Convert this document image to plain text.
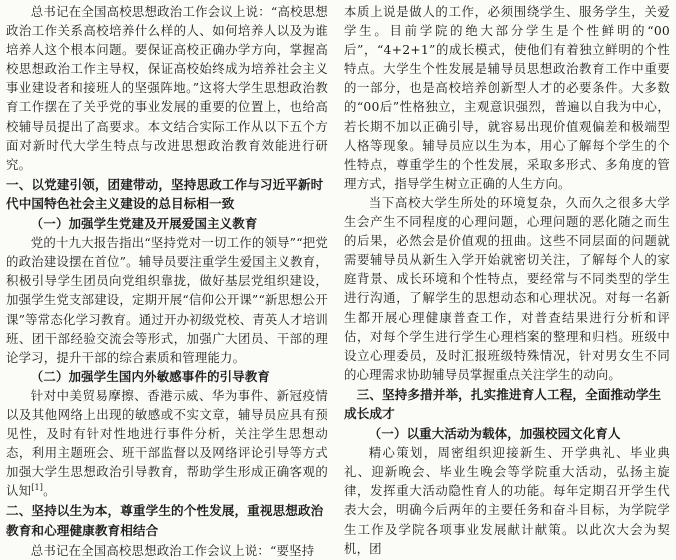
总书记在全国高校思想政治工作会议上说：“高校思想政治工作关系高校培养什么样的人、如何培养人以及为谁培养人这个根本问题。要保证高校正确办学方向，掌握高校思想政治工作主导权，保证高校始终成为培养社会主义事业建设者和接班人的坚强阵地。”这将大学生思想政治教育工作摆在了关乎党的事业发展的重要的位置上，也给高校辅导员提出了高要求。本文结合实际工作从以下五个方面对新时代大学生特点与改进思想政治教育效能进行研究。

一、以党建引领，团建带动，坚持思政工作与习近平新时代中国特色社会主义建设的总目标相一致
（一）加强学生党建及开展爱国主义教育

党的十九大报告指出“坚持党对一切工作的领导”“把党的政治建设摆在首位”。辅导员要注重学生爱国主义教育，积极引导学生团员向党组织靠拢，做好基层党组织建设，加强学生党支部建设，定期开展“信仰公开课”“新思想公开课”等常态化学习教育。通过开办初级党校、青英人才培训班、团干部经验交流会等形式，加强广大团员、干部的理论学习，提升干部的综合素质和管理能力。

（二）加强学生国内外敏感事件的引导教育

针对中美贸易摩擦、香港示威、华为事件、新冠疫情以及其他网络上出现的敏感或不实文章，辅导员应具有预见性，及时有针对性地进行事件分析，关注学生思想动态，利用主题班会、班干部监督以及网络评论引导等方式加强大学生思想政治引导教育，帮助学生形成正确客观的认知[1]。

二、坚持以生为本，尊重学生的个性发展，重视思想政治教育和心理健康教育相结合

总书记在全国高校思想政治工作会议上说：“要坚持

本质上说是做人的工作，必须围绕学生、服务学生，关爱学生。目前学院的绝大部分学生是个性鲜明的“00后”，“4+2+1”的成长模式，使他们有着独立鲜明的个性特点。大学生个性发展是辅导员思想政治教育工作中重要的一部分，也是高校培养创新型人才的必要条件。大多数的“00后”性格独立，主观意识强烈，普遍以自我为中心，若长期不加以正确引导，就容易出现价值观偏差和极端型人格等现象。辅导员应以生为本，用心了解每个学生的个性特点，尊重学生的个性发展，采取多形式、多角度的管理方式，指导学生树立正确的人生方向。

当下高校大学生所处的环境复杂，久而久之很多大学生会产生不同程度的心理问题，心理问题的恶化随之而生的后果，必然会是价值观的扭曲。这些不同层面的问题就需要辅导员从新生入学开始就密切关注，了解每个人的家庭背景、成长环境和个性特点，要经常与不同类型的学生进行沟通，了解学生的思想动态和心理状况。对每一名新生都开展心理健康普查工作，对普查结果进行分析和评估，对每个学生进行学生心理档案的整理和归档。班级中设立心理委员，及时汇报班级特殊情况，针对男女生不同的心理需求协助辅导员掌握重点关注学生的动向。

三、坚持多措并举，扎实推进育人工程，全面推动学生成长成才
（一）以重大活动为载体，加强校园文化育人

精心策划，周密组织迎接新生、开学典礼、毕业典礼、迎新晚会、毕业生晚会等学院重大活动，弘扬主旋律，发挥重大活动隐性育人的功能。每年定期召开学生代表大会，明确今后两年的主要任务和奋斗目标，为学院学生工作及学院各项事业发展献计献策。以此次大会为契机，团
